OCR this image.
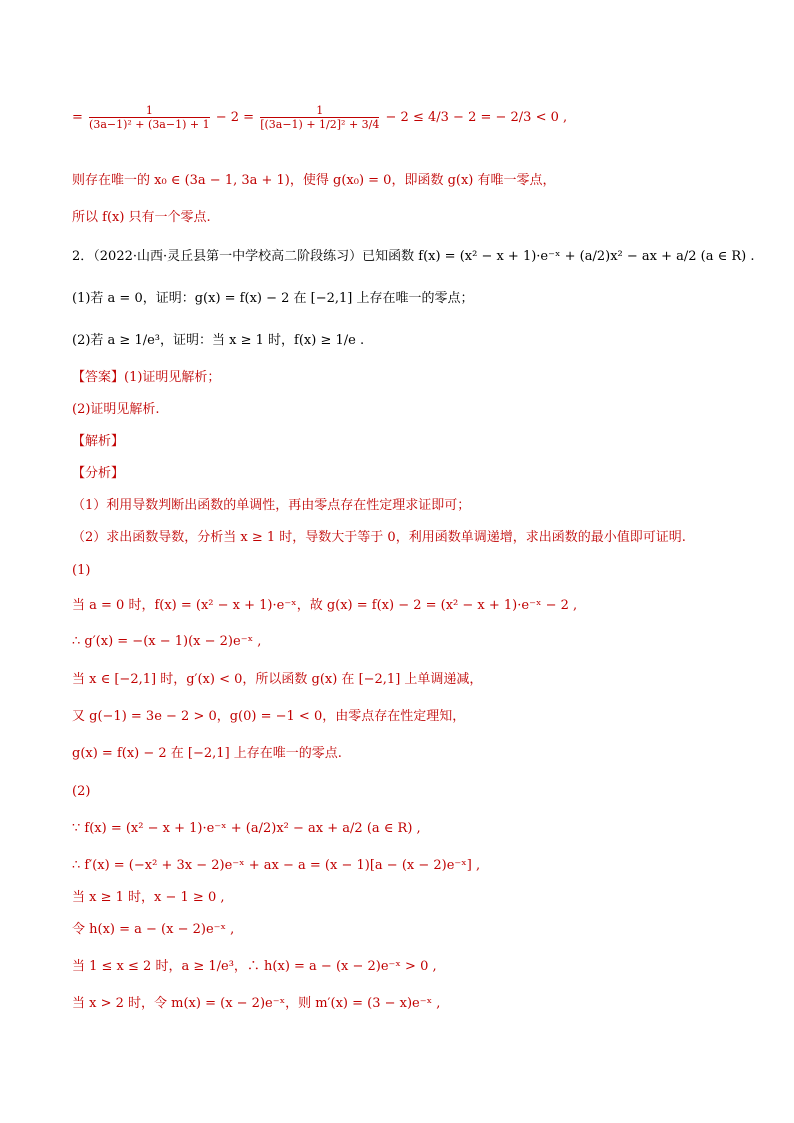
= $\frac{1}{\text{(3a−1)² + (3a−1) + 1}} - 2 = \frac{1}{\text{[(3a−1) + 1/2]² + 3/4}} - 2 \le 4/3 - 2$ = − 2/3 < 0 ,
则存在唯一的 x₀ ∈ (3a − 1, 3a + 1)，使得 g(x₀) = 0，即函数 g(x) 有唯一零点，
所以 f(x) 只有一个零点.
2．（2022·山西·灵丘县第一中学校高二阶段练习）已知函数 f(x) = (x² − x + 1)·e⁻ˣ + (a/2)x² − ax + a/2 (a ∈ R) .
(1)若 a = 0，证明：g(x) = f(x) − 2 在 [−2,1] 上存在唯一的零点；
(2)若 a ≥ 1/e³，证明：当 x ≥ 1 时，f(x) ≥ 1/e .
【答案】(1)证明见解析；
(2)证明见解析.
【解析】
【分析】
（1）利用导数判断出函数的单调性，再由零点存在性定理求证即可；
（2）求出函数导数，分析当 x ≥ 1 时，导数大于等于 0，利用函数单调递增，求出函数的最小值即可证明.
(1)
当 a = 0 时，f(x) = (x² − x + 1)·e⁻ˣ，故 g(x) = f(x) − 2 = (x² − x + 1)·e⁻ˣ − 2 ,
∴ g′(x) = −(x − 1)(x − 2)e⁻ˣ ,
当 x ∈ [−2,1] 时，g′(x) < 0，所以函数 g(x) 在 [−2,1] 上单调递减，
又 g(−1) = 3e − 2 > 0，g(0) = −1 < 0，由零点存在性定理知，
g(x) = f(x) − 2 在 [−2,1] 上存在唯一的零点.
(2)
∵ f(x) = (x² − x + 1)·e⁻ˣ + (a/2)x² − ax + a/2 (a ∈ R) ,
∴ f′(x) = (−x² + 3x − 2)e⁻ˣ + ax − a = (x − 1)[a − (x − 2)e⁻ˣ] ,
当 x ≥ 1 时，x − 1 ≥ 0 ,
令 h(x) = a − (x − 2)e⁻ˣ ,
当 1 ≤ x ≤ 2 时，a ≥ 1/e³，∴ h(x) = a − (x − 2)e⁻ˣ > 0 ,
当 x > 2 时，令 m(x) = (x − 2)e⁻ˣ，则 m′(x) = (3 − x)e⁻ˣ ,
